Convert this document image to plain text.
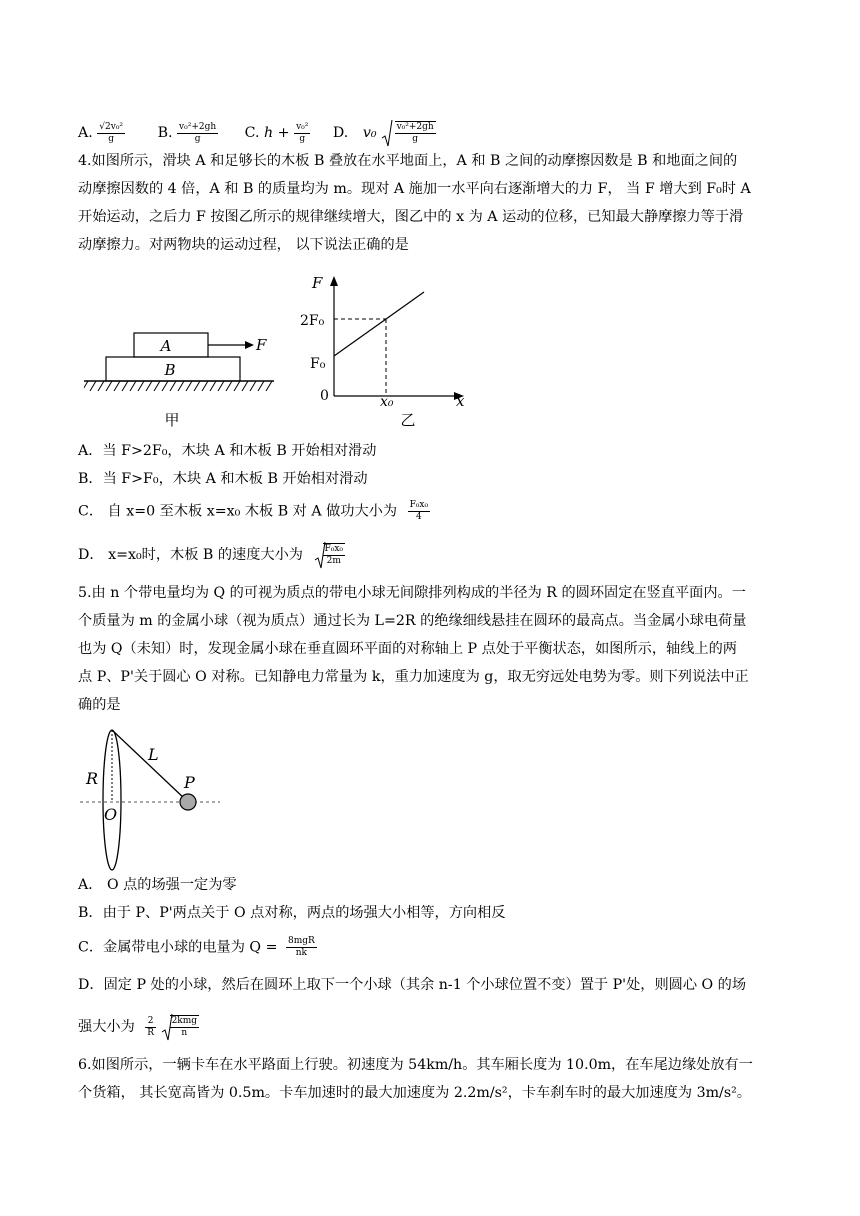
A. $\frac{\text{√2v₀²}}{g} B$. $\frac{\text{v₀²+2gh}}{g} C$. $h + \frac{\text{v₀²}}{g} D$. $v_0 \frac{\text{v₀²+2gh}}{g}$
4.如图所示，滑块 A 和足够长的木板 B 叠放在水平地面上，A 和 B 之间的动摩擦因数是 B 和地面之间的
动摩擦因数的 4 倍，A 和 B 的质量均为 m。现对 A 施加一水平向右逐渐增大的力 F， 当 F 增大到 F₀时 A
开始运动，之后力 F 按图乙所示的规律继续增大，图乙中的 x 为 A 运动的位移，已知最大静摩擦力等于滑
动摩擦力。对两物块的运动过程， 以下说法正确的是
A
B
F
甲
F
2F₀
F₀
0	x₀	x
乙
A．当 F>2F₀，木块 A 和木板 B 开始相对滑动
B．当 F>F₀，木块 A 和木板 B 开始相对滑动
C． 自 x=0 至木板 x=x₀ 木板 B 对 A 做功大小为 $\frac{\text{F₀x₀}}{4}$
D． x=x₀时，木板 B 的速度大小为 $\frac{\text{F₀x₀}}{2m}$
5.由 n 个带电量均为 Q 的可视为质点的带电小球无间隙排列构成的半径为 R 的圆环固定在竖直平面内。一
个质量为 m 的金属小球（视为质点）通过长为 L=2R 的绝缘细线悬挂在圆环的最高点。当金属小球电荷量
也为 Q（未知）时，发现金属小球在垂直圆环平面的对称轴上 P 点处于平衡状态，如图所示，轴线上的两
点 P、P'关于圆心 O 对称。已知静电力常量为 k，重力加速度为 g，取无穷远处电势为零。则下列说法中正
确的是
R
L
P
O
A． O 点的场强一定为零
B．由于 P、P'两点关于 O 点对称，两点的场强大小相等，方向相反
C．金属带电小球的电量为 $Q = \frac{\text{8mgR}}{nk}$
D．固定 P 处的小球，然后在圆环上取下一个小球（其余 n-1 个小球位置不变）置于 P'处，则圆心 O 的场
强大小为 $\frac{2}{R}$
$\frac{\text{2kmg}}{n}$
6.如图所示，一辆卡车在水平路面上行驶。初速度为 54km/h。其车厢长度为 10.0m，在车尾边缘处放有一
个货箱， 其长宽高皆为 0.5m。卡车加速时的最大加速度为 2.2m/s²，卡车刹车时的最大加速度为 3m/s²。
